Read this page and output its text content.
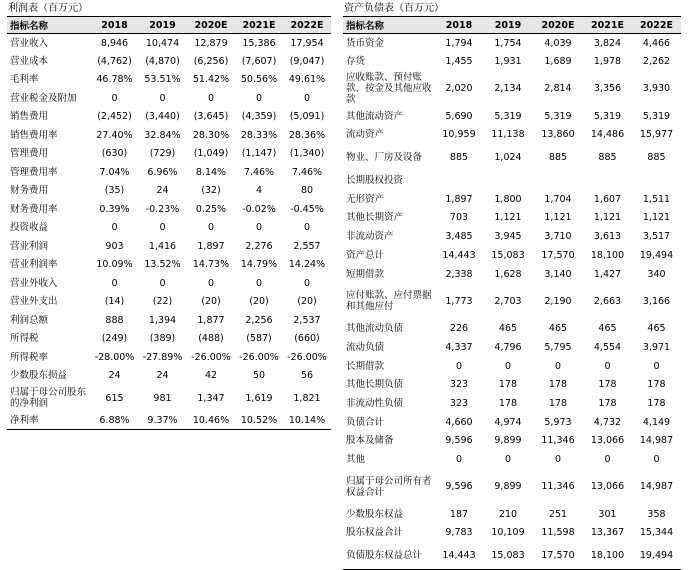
利润表（百万元）
指标名称	2018	2019	2020E	2021E	2022E
营业收入	8,946	10,474	12,879	15,386	17,954
营业成本	(4,762)	(4,870)	(6,256)	(7,607)	(9,047)
毛利率	46.78%	53.51%	51.42%	50.56%	49.61%
营业税金及附加	0	0	0	0	0
销售费用	(2,452)	(3,440)	(3,645)	(4,359)	(5,091)
销售费用率	27.40%	32.84%	28.30%	28.33%	28.36%
管理费用	(630)	(729)	(1,049)	(1,147)	(1,340)
管理费用率	7.04%	6.96%	8.14%	7.46%	7.46%
财务费用	(35)	24	(32)	4	80
财务费用率	0.39%	-0.23%	0.25%	-0.02%	-0.45%
投资收益	0	0	0	0	0
营业利润	903	1,416	1,897	2,276	2,557
营业利润率	10.09%	13.52%	14.73%	14.79%	14.24%
营业外收入	0	0	0	0	0
营业外支出	(14)	(22)	(20)	(20)	(20)
利润总额	888	1,394	1,877	2,256	2,537
所得税	(249)	(389)	(488)	(587)	(660)
所得税率	-28.00%	-27.89%	-26.00%	-26.00%	-26.00%
少数股东损益	24	24	42	50	56
归属于母公司股东的净利润	615	981	1,347	1,619	1,821
净利率	6.88%	9.37%	10.46%	10.52%	10.14%
资产负债表（百万元）
指标名称	2018	2019	2020E	2021E	2022E
货币资金	1,794	1,754	4,039	3,824	4,466
存货	1,455	1,931	1,689	1,978	2,262
应收账款、预付账款、按金及其他应收款	2,020	2,134	2,814	3,356	3,930
其他流动资产	5,690	5,319	5,319	5,319	5,319
流动资产	10,959	11,138	13,860	14,486	15,977
物业、厂房及设备	885	1,024	885	885	885
长期股权投资					
无形资产	1,897	1,800	1,704	1,607	1,511
其他长期资产	703	1,121	1,121	1,121	1,121
非流动资产	3,485	3,945	3,710	3,613	3,517
资产总计	14,443	15,083	17,570	18,100	19,494
短期借款	2,338	1,628	3,140	1,427	340
应付账款、应付票据和其他应付	1,773	2,703	2,190	2,663	3,166
其他流动负债	226	465	465	465	465
流动负债	4,337	4,796	5,795	4,554	3,971
长期借款	0	0	0	0	0
其他长期负债	323	178	178	178	178
非流动性负债	323	178	178	178	178
负债合计	4,660	4,974	5,973	4,732	4,149
股本及储备	9,596	9,899	11,346	13,066	14,987
其他	0	0	0	0	0
归属于母公司所有者权益合计	9,596	9,899	11,346	13,066	14,987
少数股东权益	187	210	251	301	358
股东权益合计	9,783	10,109	11,598	13,367	15,344
负债股东权益总计	14,443	15,083	17,570	18,100	19,494
